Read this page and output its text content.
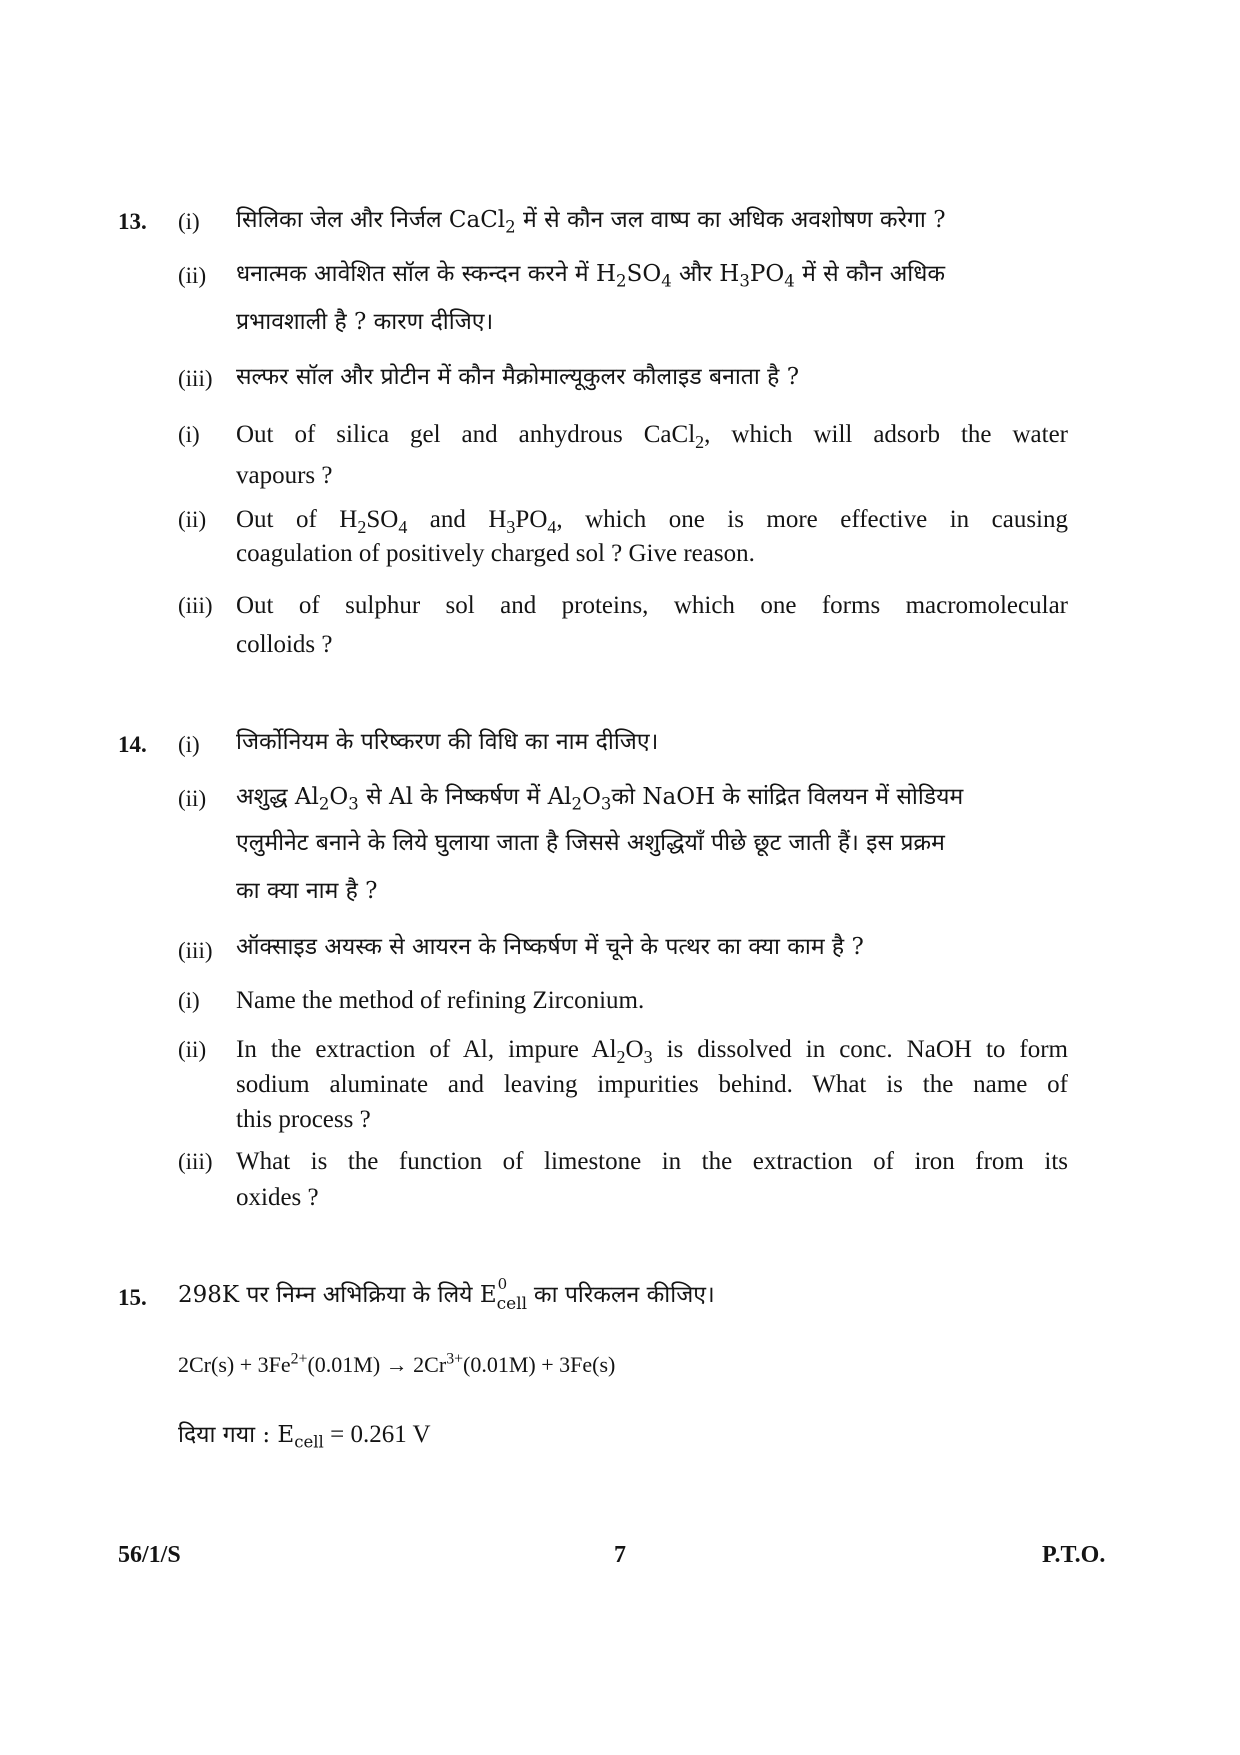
13. (i) सिलिका जेल और निर्जल CaCl$_2$ में से कौन जल वाष्प का अधिक अवशोषण करेगा ?
(ii) धनात्मक आवेशित सॉल के स्कन्दन करने में $H_2SO_4$ और $H_3PO_4$ में से कौन अधिक
प्रभावशाली है ? कारण दीजिए।
(iii) सल्फर सॉल और प्रोटीन में कौन मैक्रोमाल्यूकुलर कौलाइड बनाता है ?
(i) Out of silica gel and anhydrous CaCl$_2$, which will adsorb the water
vapours ?
(ii) Out of $H_2SO_4$ and $H_3PO_4$, which one is more effective in causing
coagulation of positively charged sol ? Give reason.
(iii) Out of sulphur sol and proteins, which one forms macromolecular
colloids ?
14. (i) जिर्कोनियम के परिष्करण की विधि का नाम दीजिए।
(ii) अशुद्ध $Al_2O_3$ से Al के निष्कर्षण में $Al_2O_3को$ NaOH के सांद्रित विलयन में सोडियम
एलुमीनेट बनाने के लिये घुलाया जाता है जिससे अशुद्धियाँ पीछे छूट जाती हैं। इस प्रक्रम
का क्या नाम है ?
(iii) ऑक्साइड अयस्क से आयरन के निष्कर्षण में चूने के पत्थर का क्या काम है ?
(i) Name the method of refining Zirconium.
(ii) In the extraction of Al, impure $Al_2O_3$ is dissolved in conc. NaOH to form
sodium aluminate and leaving impurities behind. What is the name of
this process ?
(iii) What is the function of limestone in the extraction of iron from its
oxides ?
15. 298K पर निम्न अभिक्रिया के लिये E 0
cell का परिकलन कीजिए।
$2Cr(s) + 3Fe^{2+}(0.01M) \to 2Cr^{3+}(0.01M) + 3Fe(s)$
दिया गया : $E_{cell} = 0.261$ V
56/1/S	7	P.T.O.
